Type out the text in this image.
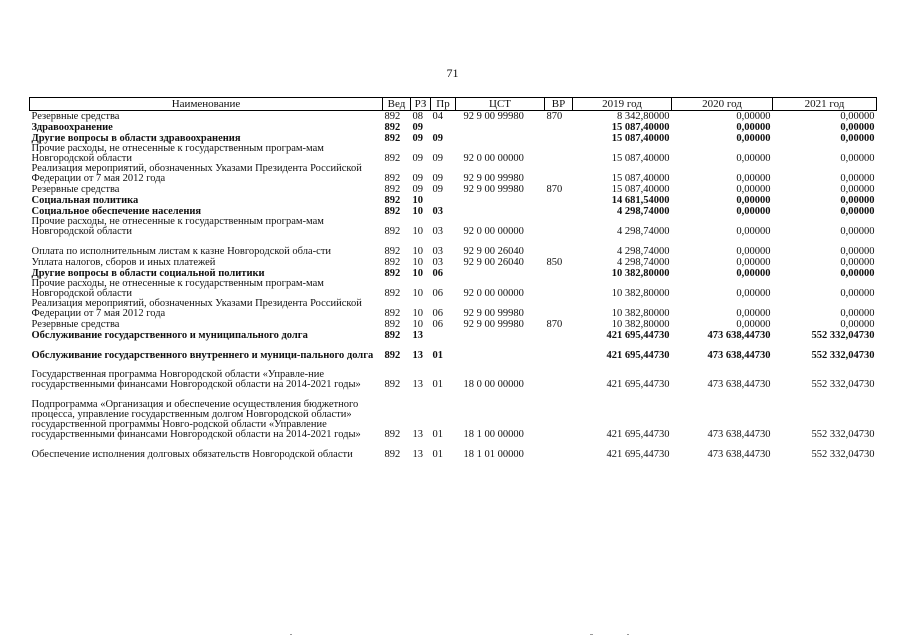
71
Наименование	Вед	РЗ	Пр	ЦСТ	ВР	2019 год	2020 год	2021 год
Резервные средства	892	08	04	92 9 00 99980	870	8 342,80000	0,00000	0,00000
Здравоохранение	892	09				15 087,40000	0,00000	0,00000
Другие вопросы в области здравоохранения	892	09	09			15 087,40000	0,00000	0,00000
Прочие расходы, не отнесенные к государственным програм-мам Новгородской области	892	09	09	92 0 00 00000		15 087,40000	0,00000	0,00000
Реализация мероприятий, обозначенных Указами Президента Российской Федерации от 7 мая 2012 года	892	09	09	92 9 00 99980		15 087,40000	0,00000	0,00000
Резервные средства	892	09	09	92 9 00 99980	870	15 087,40000	0,00000	0,00000
Социальная политика	892	10				14 681,54000	0,00000	0,00000
Социальное обеспечение населения	892	10	03			4 298,74000	0,00000	0,00000
Прочие расходы, не отнесенные к государственным програм-мам Новгородской области	892	10	03	92 0 00 00000		4 298,74000	0,00000	0,00000
Оплата по исполнительным листам к казне Новгородской обла-сти	892	10	03	92 9 00 26040		4 298,74000	0,00000	0,00000
Уплата налогов, сборов и иных платежей	892	10	03	92 9 00 26040	850	4 298,74000	0,00000	0,00000
Другие вопросы в области социальной политики	892	10	06			10 382,80000	0,00000	0,00000
Прочие расходы, не отнесенные к государственным програм-мам Новгородской области	892	10	06	92 0 00 00000		10 382,80000	0,00000	0,00000
Реализация мероприятий, обозначенных Указами Президента Российской Федерации от 7 мая 2012 года	892	10	06	92 9 00 99980		10 382,80000	0,00000	0,00000
Резервные средства	892	10	06	92 9 00 99980	870	10 382,80000	0,00000	0,00000
Обслуживание государственного и муниципального долга	892	13				421 695,44730	473 638,44730	552 332,04730
Обслуживание государственного внутреннего и муници-пального долга	892	13	01			421 695,44730	473 638,44730	552 332,04730
Государственная программа Новгородской области «Управле-ние государственными финансами Новгородской области на 2014-2021 годы»	892	13	01	18 0 00 00000		421 695,44730	473 638,44730	552 332,04730
Подпрограмма «Организация и обеспечение осуществления бюджетного процесса, управление государственным долгом Новгородской области» государственной программы Новго-родской области «Управление государственными финансами Новгородской области на 2014-2021 годы»	892	13	01	18 1 00 00000		421 695,44730	473 638,44730	552 332,04730
Обеспечение исполнения долговых обязательств Новгородской области	892	13	01	18 1 01 00000		421 695,44730	473 638,44730	552 332,04730
